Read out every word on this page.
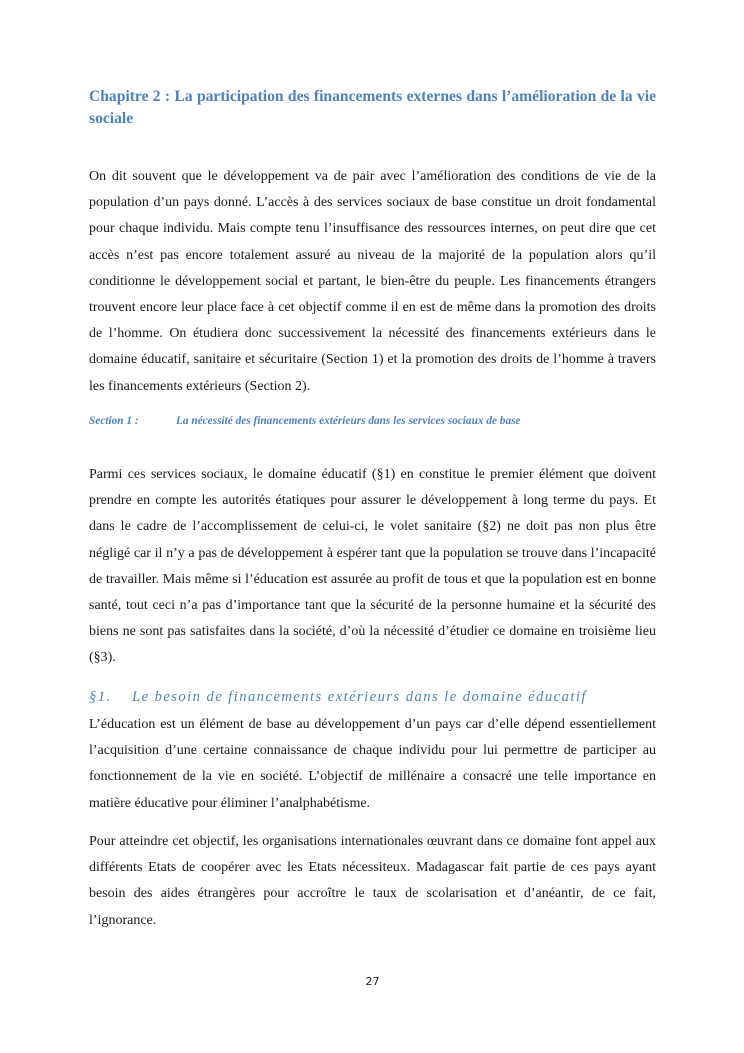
Chapitre 2 : La participation des financements externes dans l’amélioration de la vie sociale

On dit souvent que le développement va de pair avec l’amélioration des conditions de vie de la population d’un pays donné. L’accès à des services sociaux de base constitue un droit fondamental pour chaque individu. Mais compte tenu l’insuffisance des ressources internes, on peut dire que cet accès n’est pas encore totalement assuré au niveau de la majorité de la population alors qu’il conditionne le développement social et partant, le bien-être du peuple. Les financements étrangers trouvent encore leur place face à cet objectif comme il en est de même dans la promotion des droits de l’homme. On étudiera donc successivement la nécessité des financements extérieurs dans le domaine éducatif, sanitaire et sécuritaire (Section 1) et la promotion des droits de l’homme à travers les financements extérieurs (Section 2).

Section 1 :	La nécessité des financements extérieurs dans les services sociaux de base

Parmi ces services sociaux, le domaine éducatif (§1) en constitue le premier élément que doivent prendre en compte les autorités étatiques pour assurer le développement à long terme du pays. Et dans le cadre de l’accomplissement de celui-ci, le volet sanitaire (§2) ne doit pas non plus être négligé car il n’y a pas de développement à espérer tant que la population se trouve dans l’incapacité de travailler. Mais même si l’éducation est assurée au profit de tous et que la population est en bonne santé, tout ceci n’a pas d’importance tant que la sécurité de la personne humaine et la sécurité des biens ne sont pas satisfaites dans la société, d’où la nécessité d’étudier ce domaine en troisième lieu (§3).

§1. Le besoin de financements extérieurs dans le domaine éducatif

L’éducation est un élément de base au développement d’un pays car d’elle dépend essentiellement l’acquisition d’une certaine connaissance de chaque individu pour lui permettre de participer au fonctionnement de la vie en société. L’objectif de millénaire a consacré une telle importance en matière éducative pour éliminer l’analphabétisme.

Pour atteindre cet objectif, les organisations internationales œuvrant dans ce domaine font appel aux différents Etats de coopérer avec les Etats nécessiteux. Madagascar fait partie de ces pays ayant besoin des aides étrangères pour accroître le taux de scolarisation et d’anéantir, de ce fait, l’ignorance.

27
